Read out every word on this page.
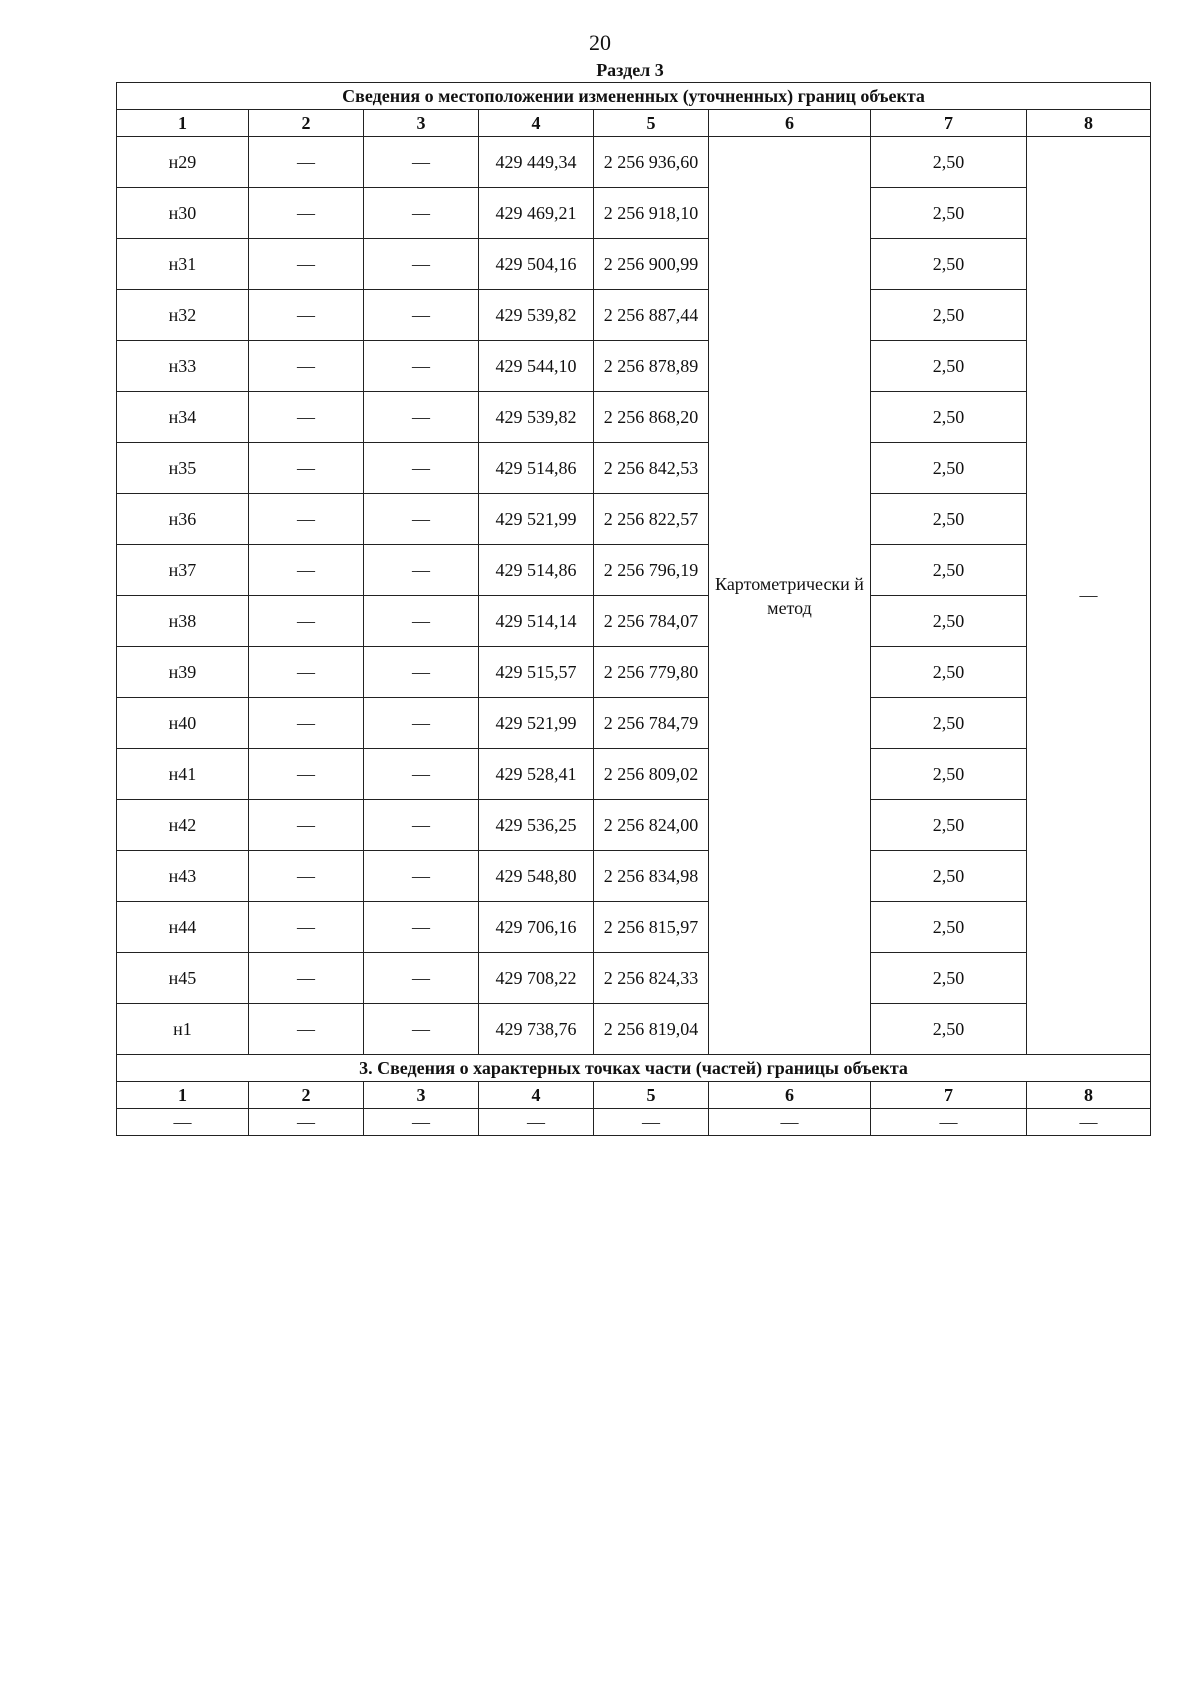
20
Раздел 3
Сведения о местоположении измененных (уточненных) границ объекта							
1	2	3	4	5	6	7	8
н29	—	—	429 449,34	2 256 936,60	Картометрически й метод	2,50	—
н30	—	—	429 469,21	2 256 918,10		2,50	
н31	—	—	429 504,16	2 256 900,99		2,50	
н32	—	—	429 539,82	2 256 887,44		2,50	
н33	—	—	429 544,10	2 256 878,89		2,50	
н34	—	—	429 539,82	2 256 868,20		2,50	
н35	—	—	429 514,86	2 256 842,53		2,50	
н36	—	—	429 521,99	2 256 822,57		2,50	
н37	—	—	429 514,86	2 256 796,19		2,50	
н38	—	—	429 514,14	2 256 784,07		2,50	
н39	—	—	429 515,57	2 256 779,80		2,50	
н40	—	—	429 521,99	2 256 784,79		2,50	
н41	—	—	429 528,41	2 256 809,02		2,50	
н42	—	—	429 536,25	2 256 824,00		2,50	
н43	—	—	429 548,80	2 256 834,98		2,50	
н44	—	—	429 706,16	2 256 815,97		2,50	
н45	—	—	429 708,22	2 256 824,33		2,50	
н1	—	—	429 738,76	2 256 819,04		2,50	
3. Сведения о характерных точках части (частей) границы объекта							
1	2	3	4	5	6	7	8
—	—	—	—	—	—	—	—
